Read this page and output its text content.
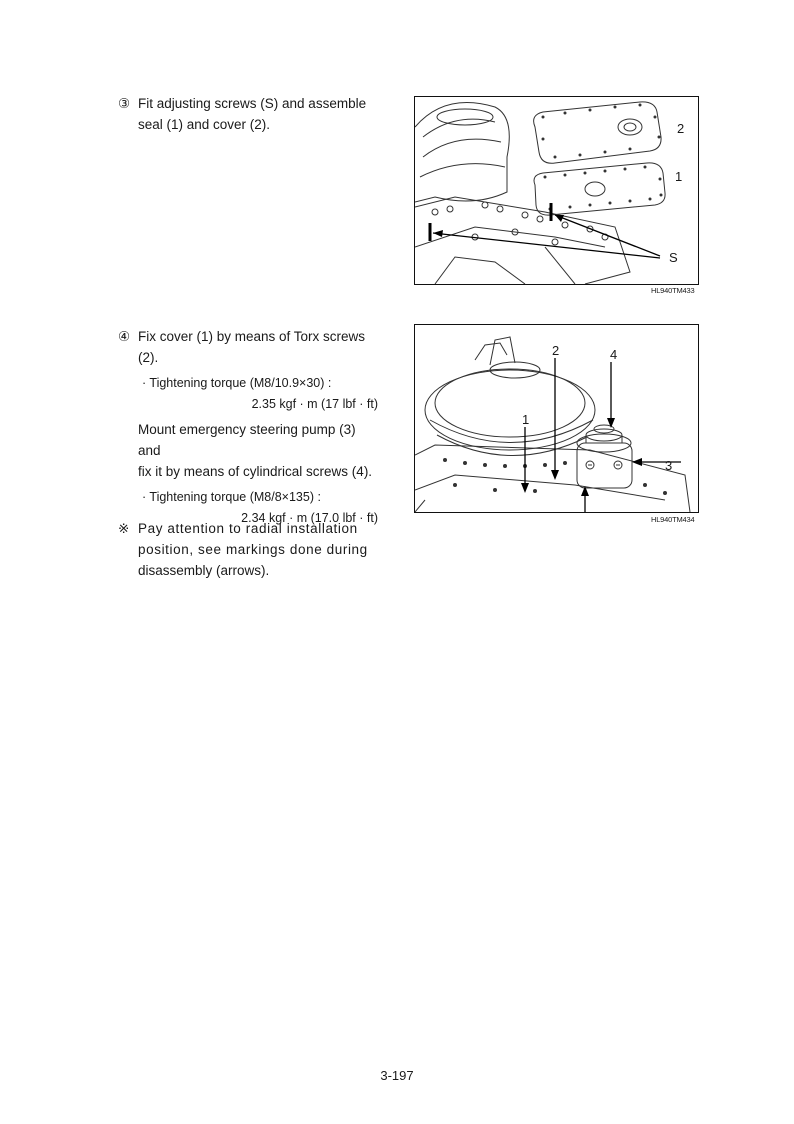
③ Fit adjusting screws (S) and assemble

seal (1) and cover (2).	2
1
S
HL940TM433
④ Fix cover (1) by means of Torx screws

(2).

· Tightening torque (M8/10.9×30) :

2.35 kgf · m (17 lbf · ft)

Mount emergency steering pump (3) and

fix it by means of cylindrical screws (4).

· Tightening torque (M8/8×135) :

2.34 kgf · m (17.0 lbf · ft)

※ Pay attention to radial installation

position, see markings done during

disassembly (arrows).

2	4
1
3
HL940TM434
3-197
